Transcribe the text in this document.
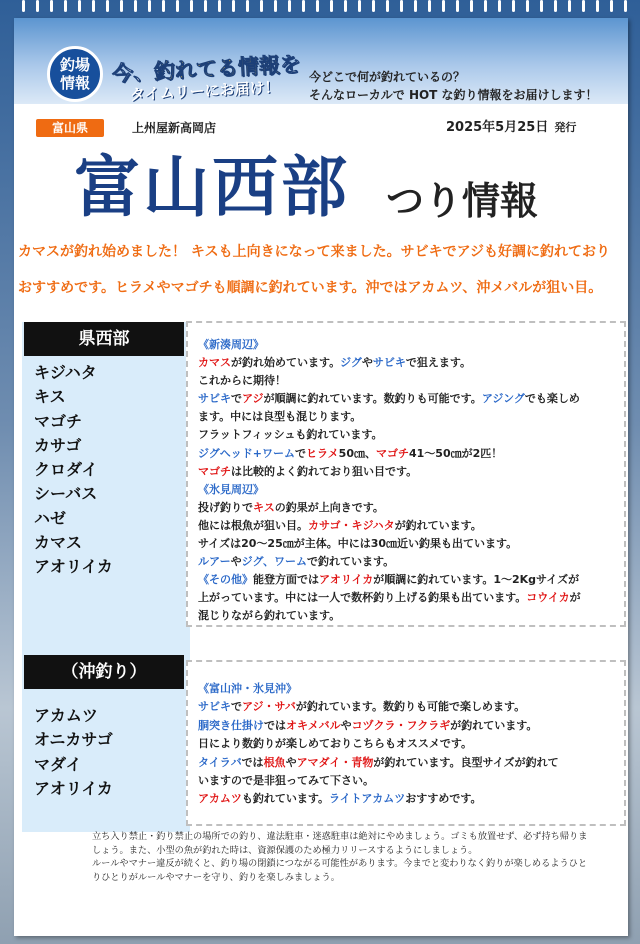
釣場
情報 今、釣れてる情報を
タイムリーにお届け！
今どこで何が釣れているの？
そんなローカルで HOT な釣り情報をお届けします！
富山県	上州屋新高岡店	2025年5月25日 発行
富山西部 つり情報
カマスが釣れ始めました！ キスも上向きになって来ました。サビキでアジも好調に釣れており
おすすめです。ヒラメやマゴチも順調に釣れています。沖ではアカムツ、沖メバルが狙い目。
県西部
キジハタ
キス
マゴチ
カサゴ
クロダイ
シーバス
ハゼ
カマス
アオリイカ
（沖釣り）
アカムツ
オニカサゴ
マダイ
アオリイカ
《新湊周辺》
カマスが釣れ始めています。ジグやサビキで狙えます。
これからに期待！
サビキでアジが順調に釣れています。数釣りも可能です。アジングでも楽しめ
ます。中には良型も混じります。
フラットフィッシュも釣れています。
ジグヘッド+ワームでヒラメ50㎝、マゴチ41～50㎝が2匹！
マゴチは比較的よく釣れており狙い目です。
《氷見周辺》
投げ釣りでキスの釣果が上向きです。
他には根魚が狙い目。カサゴ・キジハタが釣れています。
サイズは20～25㎝が主体。中には30㎝近い釣果も出ています。
ルアーやジグ、ワームで釣れています。
《その他》能登方面ではアオリイカが順調に釣れています。1～2Kgサイズが
上がっています。中には一人で数杯釣り上げる釣果も出ています。コウイカが
混じりながら釣れています。
《富山沖・氷見沖》
サビキでアジ・サバが釣れています。数釣りも可能で楽しめます。
胴突き仕掛けではオキメバルやコヅクラ・フクラギが釣れています。
日により数釣りが楽しめておりこちらもオススメです。
タイラバでは根魚やアマダイ・青物が釣れています。良型サイズが釣れて
いますので是非狙ってみて下さい。
アカムツも釣れています。ライトアカムツおすすめです。
立ち入り禁止・釣り禁止の場所での釣り、違法駐車・迷惑駐車は絶対にやめましょう。ゴミも放置せず、必ず持ち帰りま
しょう。また、小型の魚が釣れた時は、資源保護のため極力リリースするようにしましょう。
ルールやマナー違反が続くと、釣り場の閉鎖につながる可能性があります。今までと変わりなく釣りが楽しめるようひと
りひとりがルールやマナーを守り、釣りを楽しみましょう。
